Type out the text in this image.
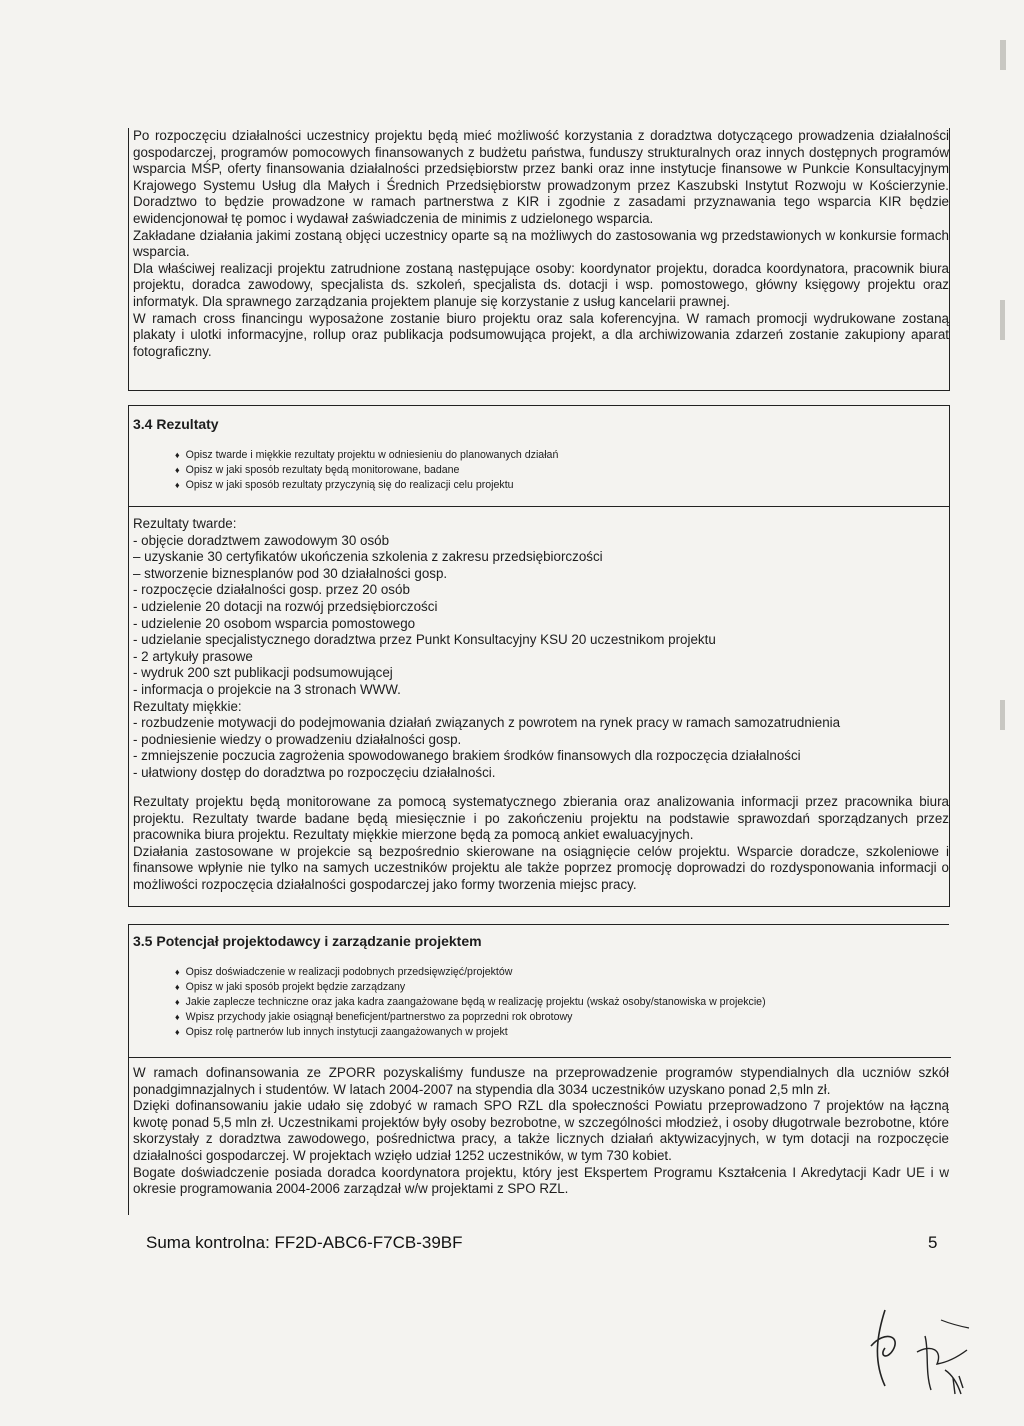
Po rozpoczęciu działalności uczestnicy projektu będą mieć możliwość korzystania z doradztwa dotyczącego prowadzenia działalności gospodarczej, programów pomocowych finansowanych z budżetu państwa, funduszy strukturalnych oraz innych dostępnych programów wsparcia MŚP, oferty finansowania działalności przedsiębiorstw przez banki oraz inne instytucje finansowe w Punkcie Konsultacyjnym Krajowego Systemu Usług dla Małych i Średnich Przedsiębiorstw prowadzonym przez Kaszubski Instytut Rozwoju w Kościerzynie. Doradztwo to będzie prowadzone w ramach partnerstwa z KIR i zgodnie z zasadami przyznawania tego wsparcia KIR będzie ewidencjonował tę pomoc i wydawał zaświadczenia de minimis z udzielonego wsparcia.

Zakładane działania jakimi zostaną objęci uczestnicy oparte są na możliwych do zastosowania wg przedstawionych w konkursie formach wsparcia.

Dla właściwej realizacji projektu zatrudnione zostaną następujące osoby: koordynator projektu, doradca koordynatora, pracownik biura projektu, doradca zawodowy, specjalista ds. szkoleń, specjalista ds. dotacji i wsp. pomostowego, główny księgowy projektu oraz informatyk. Dla sprawnego zarządzania projektem planuje się korzystanie z usług kancelarii prawnej.

W ramach cross financingu wyposażone zostanie biuro projektu oraz sala koferencyjna. W ramach promocji wydrukowane zostaną plakaty i ulotki informacyjne, rollup oraz publikacja podsumowująca projekt, a dla archiwizowania zdarzeń zostanie zakupiony aparat fotograficzny.

3.4 Rezultaty
♦ Opisz twarde i miękkie rezultaty projektu w odniesieniu do planowanych działań
♦ Opisz w jaki sposób rezultaty będą monitorowane, badane
♦ Opisz w jaki sposób rezultaty przyczynią się do realizacji celu projektu
Rezultaty twarde:
- objęcie doradztwem zawodowym 30 osób
– uzyskanie 30 certyfikatów ukończenia szkolenia z zakresu przedsiębiorczości
– stworzenie biznesplanów pod 30 działalności gosp.
- rozpoczęcie działalności gosp. przez 20 osób
- udzielenie 20 dotacji na rozwój przedsiębiorczości
- udzielenie 20 osobom wsparcia pomostowego
- udzielanie specjalistycznego doradztwa przez Punkt Konsultacyjny KSU 20 uczestnikom projektu
- 2 artykuły prasowe
- wydruk 200 szt publikacji podsumowującej
- informacja o projekcie na 3 stronach WWW.
Rezultaty miękkie:
- rozbudzenie motywacji do podejmowania działań związanych z powrotem na rynek pracy w ramach samozatrudnienia
- podniesienie wiedzy o prowadzeniu działalności gosp.
- zmniejszenie poczucia zagrożenia spowodowanego brakiem środków finansowych dla rozpoczęcia działalności
- ułatwiony dostęp do doradztwa po rozpoczęciu działalności.

Rezultaty projektu będą monitorowane za pomocą systematycznego zbierania oraz analizowania informacji przez pracownika biura projektu. Rezultaty twarde badane będą miesięcznie i po zakończeniu projektu na podstawie sprawozdań sporządzanych przez pracownika biura projektu. Rezultaty miękkie mierzone będą za pomocą ankiet ewaluacyjnych.

Działania zastosowane w projekcie są bezpośrednio skierowane na osiągnięcie celów projektu. Wsparcie doradcze, szkoleniowe i finansowe wpłynie nie tylko na samych uczestników projektu ale także poprzez promocję doprowadzi do rozdysponowania informacji o możliwości rozpoczęcia działalności gospodarczej jako formy tworzenia miejsc pracy.

3.5 Potencjał projektodawcy i zarządzanie projektem
♦ Opisz doświadczenie w realizacji podobnych przedsięwzięć/projektów
♦ Opisz w jaki sposób projekt będzie zarządzany
♦ Jakie zaplecze techniczne oraz jaka kadra zaangażowane będą w realizację projektu (wskaż osoby/stanowiska w projekcie)
♦ Wpisz przychody jakie osiągnął beneficjent/partnerstwo za poprzedni rok obrotowy
♦ Opisz rolę partnerów lub innych instytucji zaangażowanych w projekt

W ramach dofinansowania ze ZPORR pozyskaliśmy fundusze na przeprowadzenie programów stypendialnych dla uczniów szkół ponadgimnazjalnych i studentów. W latach 2004-2007 na stypendia dla 3034 uczestników uzyskano ponad 2,5 mln zł.

Dzięki dofinansowaniu jakie udało się zdobyć w ramach SPO RZL dla społeczności Powiatu przeprowadzono 7 projektów na łączną kwotę ponad 5,5 mln zł. Uczestnikami projektów były osoby bezrobotne, w szczególności młodzież, i osoby długotrwale bezrobotne, które skorzystały z doradztwa zawodowego, pośrednictwa pracy, a także licznych działań aktywizacyjnych, w tym dotacji na rozpoczęcie działalności gospodarczej. W projektach wzięło udział 1252 uczestników, w tym 730 kobiet.

Bogate doświadczenie posiada doradca koordynatora projektu, który jest Ekspertem Programu Kształcenia I Akredytacji Kadr UE i w okresie programowania 2004-2006 zarządzał w/w projektami z SPO RZL.

Suma kontrolna: FF2D-ABC6-F7CB-39BF	5
